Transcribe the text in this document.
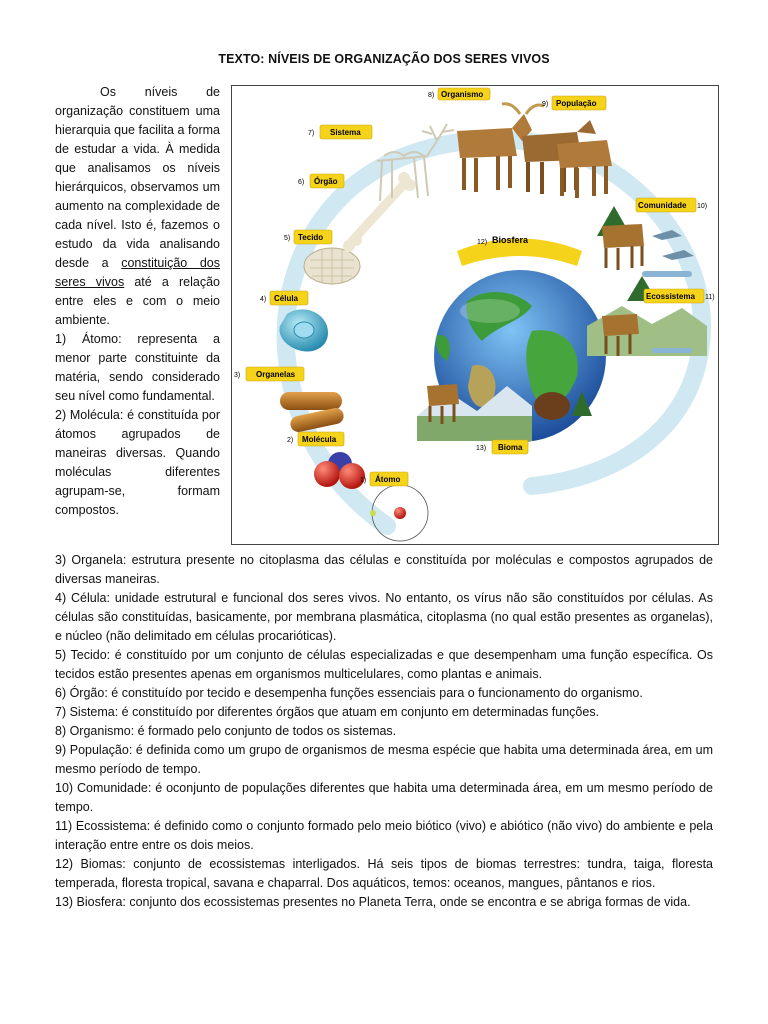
TEXTO: NÍVEIS DE ORGANIZAÇÃO DOS SERES VIVOS

Os níveis de organização constituem uma hierarquia que facilita a forma de estudar a vida. À medida que analisamos os níveis hierárquicos, observamos um aumento na complexidade de cada nível. Isto é, fazemos o estudo da vida analisando desde a constituição dos seres vivos até a relação entre eles e com o meio ambiente.

1) Átomo: representa a menor parte constituinte da matéria, sendo considerado seu nível como fundamental.

2) Molécula: é constituída por átomos agrupados de maneiras diversas. Quando moléculas diferentes agrupam-se, formam compostos.

Átomo
1)
Molécula
2)
Organelas
3)
Célula
4)
Tecido
5)
Órgão
6)
Sistema
7)
Organismo
8)
População
9)
Comunidade 10)
Ecossistema 11)
12) Biosfera
Bioma
13)

3) Organela: estrutura presente no citoplasma das células e constituída por moléculas e compostos agrupados de diversas maneiras.

4) Célula: unidade estrutural e funcional dos seres vivos. No entanto, os vírus não são constituídos por células. As células são constituídas, basicamente, por membrana plasmática, citoplasma (no qual estão presentes as organelas), e núcleo (não delimitado em células procarióticas).

5) Tecido: é constituído por um conjunto de células especializadas e que desempenham uma função específica. Os tecidos estão presentes apenas em organismos multicelulares, como plantas e animais.

6) Órgão: é constituído por tecido e desempenha funções essenciais para o funcionamento do organismo.

7) Sistema: é constituído por diferentes órgãos que atuam em conjunto em determinadas funções.

8) Organismo: é formado pelo conjunto de todos os sistemas.

9) População: é definida como um grupo de organismos de mesma espécie que habita uma determinada área, em um mesmo período de tempo.

10) Comunidade: é oconjunto de populações diferentes que habita uma determinada área, em um mesmo período de tempo.

11) Ecossistema: é definido como o conjunto formado pelo meio biótico (vivo) e abiótico (não vivo) do ambiente e pela interação entre entre os dois meios.

12) Biomas: conjunto de ecossistemas interligados. Há seis tipos de biomas terrestres: tundra, taiga, floresta temperada, floresta tropical, savana e chaparral. Dos aquáticos, temos: oceanos, mangues, pântanos e rios.

13) Biosfera: conjunto dos ecossistemas presentes no Planeta Terra, onde se encontra e se abriga formas de vida.
